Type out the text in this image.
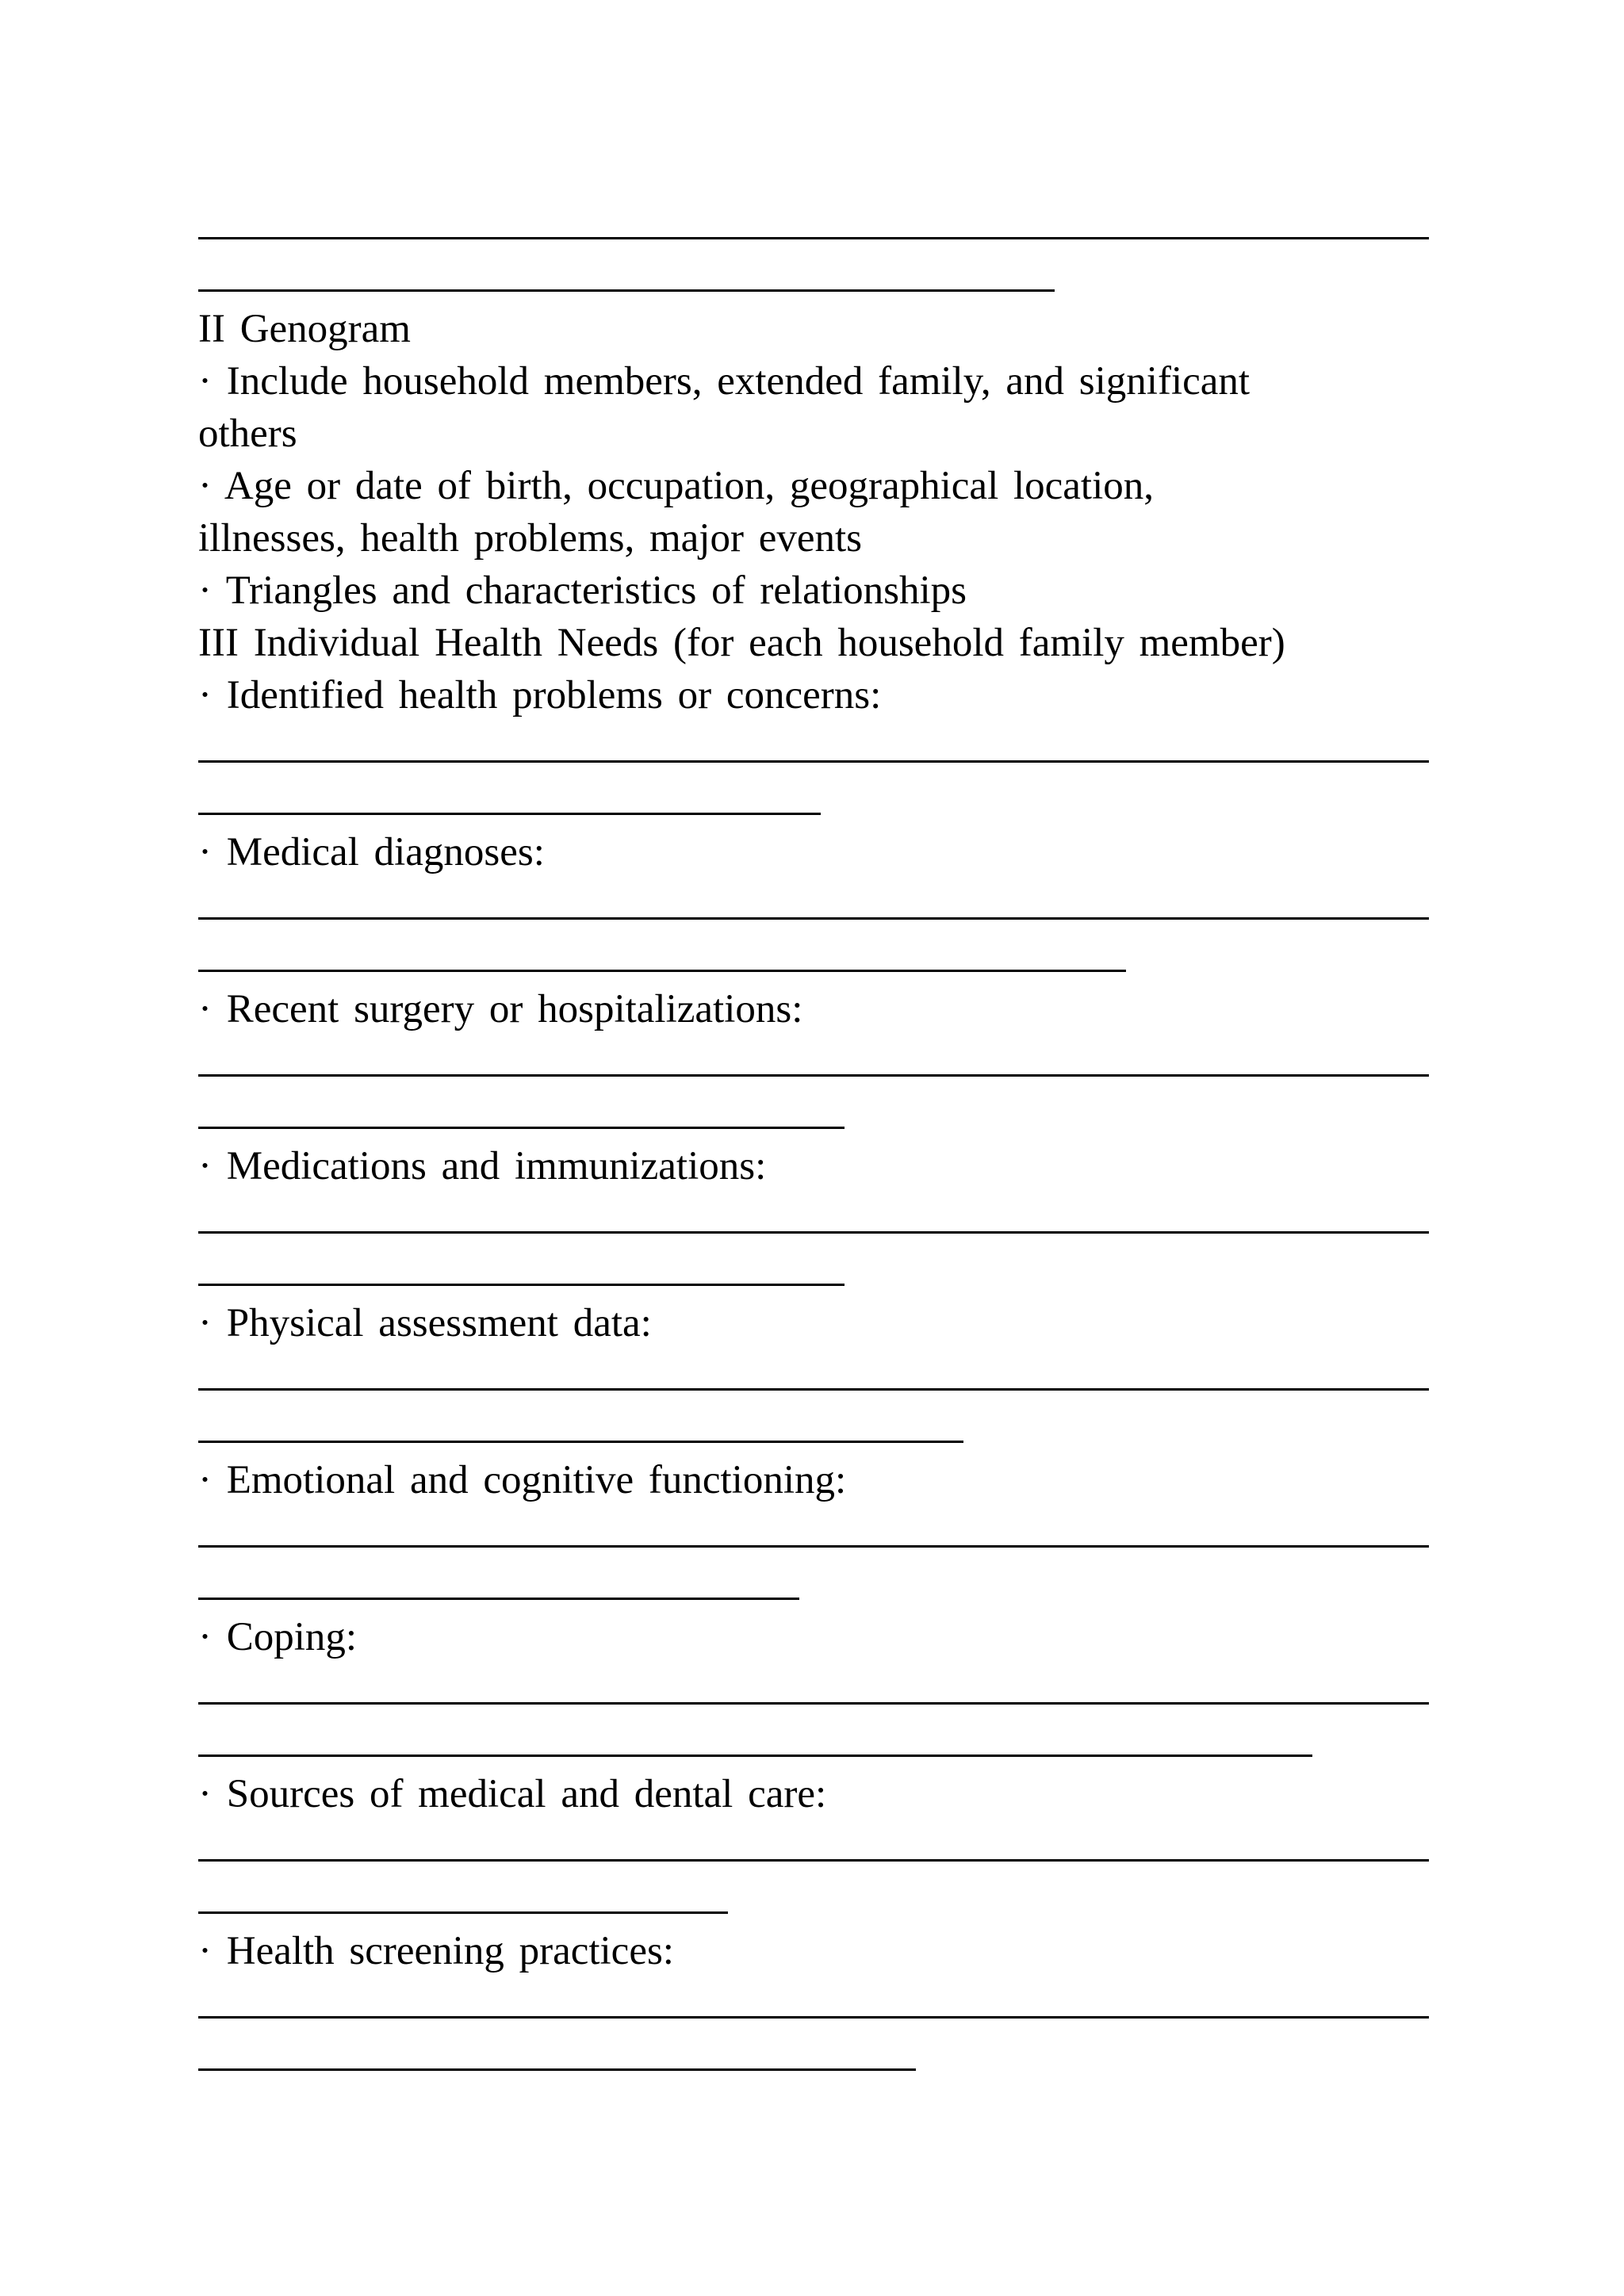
II Genogram
· Include household members, extended family, and significant
others
· Age or date of birth, occupation, geographical location,
illnesses, health problems, major events
· Triangles and characteristics of relationships
III Individual Health Needs (for each household family member)
· Identified health problems or concerns:
· Medical diagnoses:
· Recent surgery or hospitalizations:
· Medications and immunizations:
· Physical assessment data:
· Emotional and cognitive functioning:
· Coping:
· Sources of medical and dental care:
· Health screening practices:
